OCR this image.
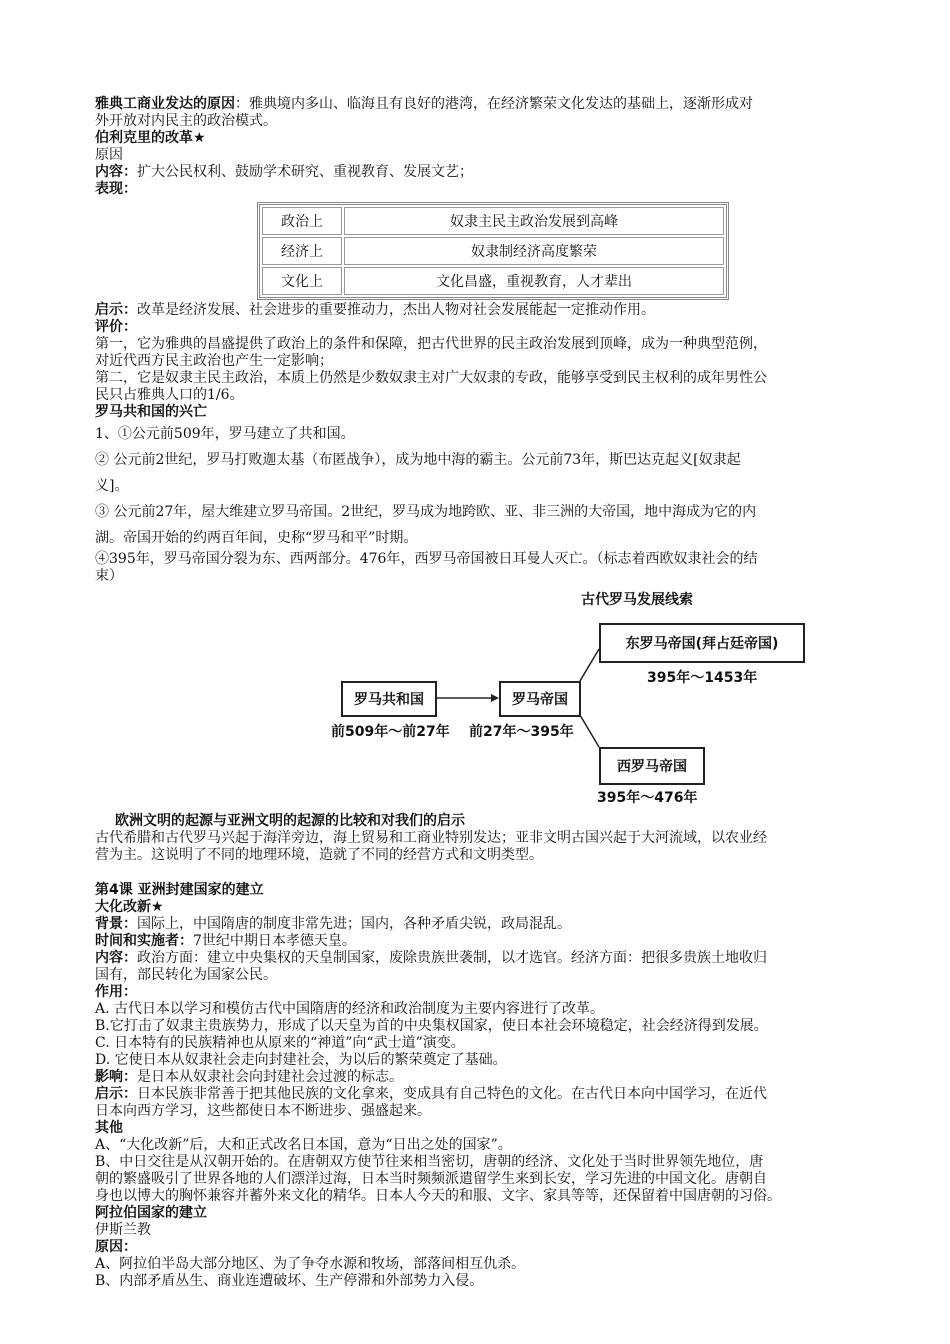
雅典工商业发达的原因：雅典境内多山、临海且有良好的港湾，在经济繁荣文化发达的基础上，逐渐形成对
外开放对内民主的政治模式。
伯利克里的改革★
原因
内容：扩大公民权利、鼓励学术研究、重视教育、发展文艺；
表现：
政治上	奴隶主民主政治发展到高峰
经济上	奴隶制经济高度繁荣
文化上	文化昌盛，重视教育，人才辈出
启示：改革是经济发展、社会进步的重要推动力，杰出人物对社会发展能起一定推动作用。
评价：
第一，它为雅典的昌盛提供了政治上的条件和保障，把古代世界的民主政治发展到顶峰，成为一种典型范例，
对近代西方民主政治也产生一定影响；
第二，它是奴隶主民主政治，本质上仍然是少数奴隶主对广大奴隶的专政，能够享受到民主权利的成年男性公
民只占雅典人口的1/6。
罗马共和国的兴亡
1、①公元前509年，罗马建立了共和国。
② 公元前2世纪，罗马打败迦太基（布匿战争），成为地中海的霸主。公元前73年，斯巴达克起义[奴隶起
义]。
③ 公元前27年，屋大维建立罗马帝国。2世纪，罗马成为地跨欧、亚、非三洲的大帝国，地中海成为它的内
湖。帝国开始的约两百年间，史称“罗马和平”时期。
④395年，罗马帝国分裂为东、西两部分。476年，西罗马帝国被日耳曼人灭亡。（标志着西欧奴隶社会的结
束）
古代罗马发展线索
罗马共和国	罗马帝国
东罗马帝国(拜占廷帝国)
西罗马帝国
395年～1453年
前509年～前27年 前27年～395年
395年～476年
欧洲文明的起源与亚洲文明的起源的比较和对我们的启示
古代希腊和古代罗马兴起于海洋旁边，海上贸易和工商业特别发达；亚非文明古国兴起于大河流域，以农业经
营为主。这说明了不同的地理环境，造就了不同的经营方式和文明类型。
第4课 亚洲封建国家的建立
大化改新★
背景：国际上，中国隋唐的制度非常先进；国内，各种矛盾尖锐，政局混乱。
时间和实施者：7世纪中期日本孝德天皇。
内容：政治方面：建立中央集权的天皇制国家，废除贵族世袭制，以才选官。经济方面：把很多贵族土地收归
国有，部民转化为国家公民。
作用：
A. 古代日本以学习和模仿古代中国隋唐的经济和政治制度为主要内容进行了改革。
B.它打击了奴隶主贵族势力，形成了以天皇为首的中央集权国家，使日本社会环境稳定，社会经济得到发展。
C. 日本特有的民族精神也从原来的“神道”向“武士道”演变。
D. 它使日本从奴隶社会走向封建社会，为以后的繁荣奠定了基础。
影响：是日本从奴隶社会向封建社会过渡的标志。
启示：日本民族非常善于把其他民族的文化拿来，变成具有自己特色的文化。在古代日本向中国学习，在近代
日本向西方学习，这些都使日本不断进步、强盛起来。
其他
A、“大化改新”后，大和正式改名日本国，意为“日出之处的国家”。
B、中日交往是从汉朝开始的。在唐朝双方使节往来相当密切，唐朝的经济、文化处于当时世界领先地位，唐
朝的繁盛吸引了世界各地的人们漂洋过海，日本当时频频派遣留学生来到长安，学习先进的中国文化。唐朝自
身也以博大的胸怀兼容并蓄外来文化的精华。日本人今天的和服、文字、家具等等，还保留着中国唐朝的习俗。
阿拉伯国家的建立
伊斯兰教
原因：
A、阿拉伯半岛大部分地区、为了争夺水源和牧场，部落间相互仇杀。
B、内部矛盾丛生、商业连遭破坏、生产停滞和外部势力入侵。
